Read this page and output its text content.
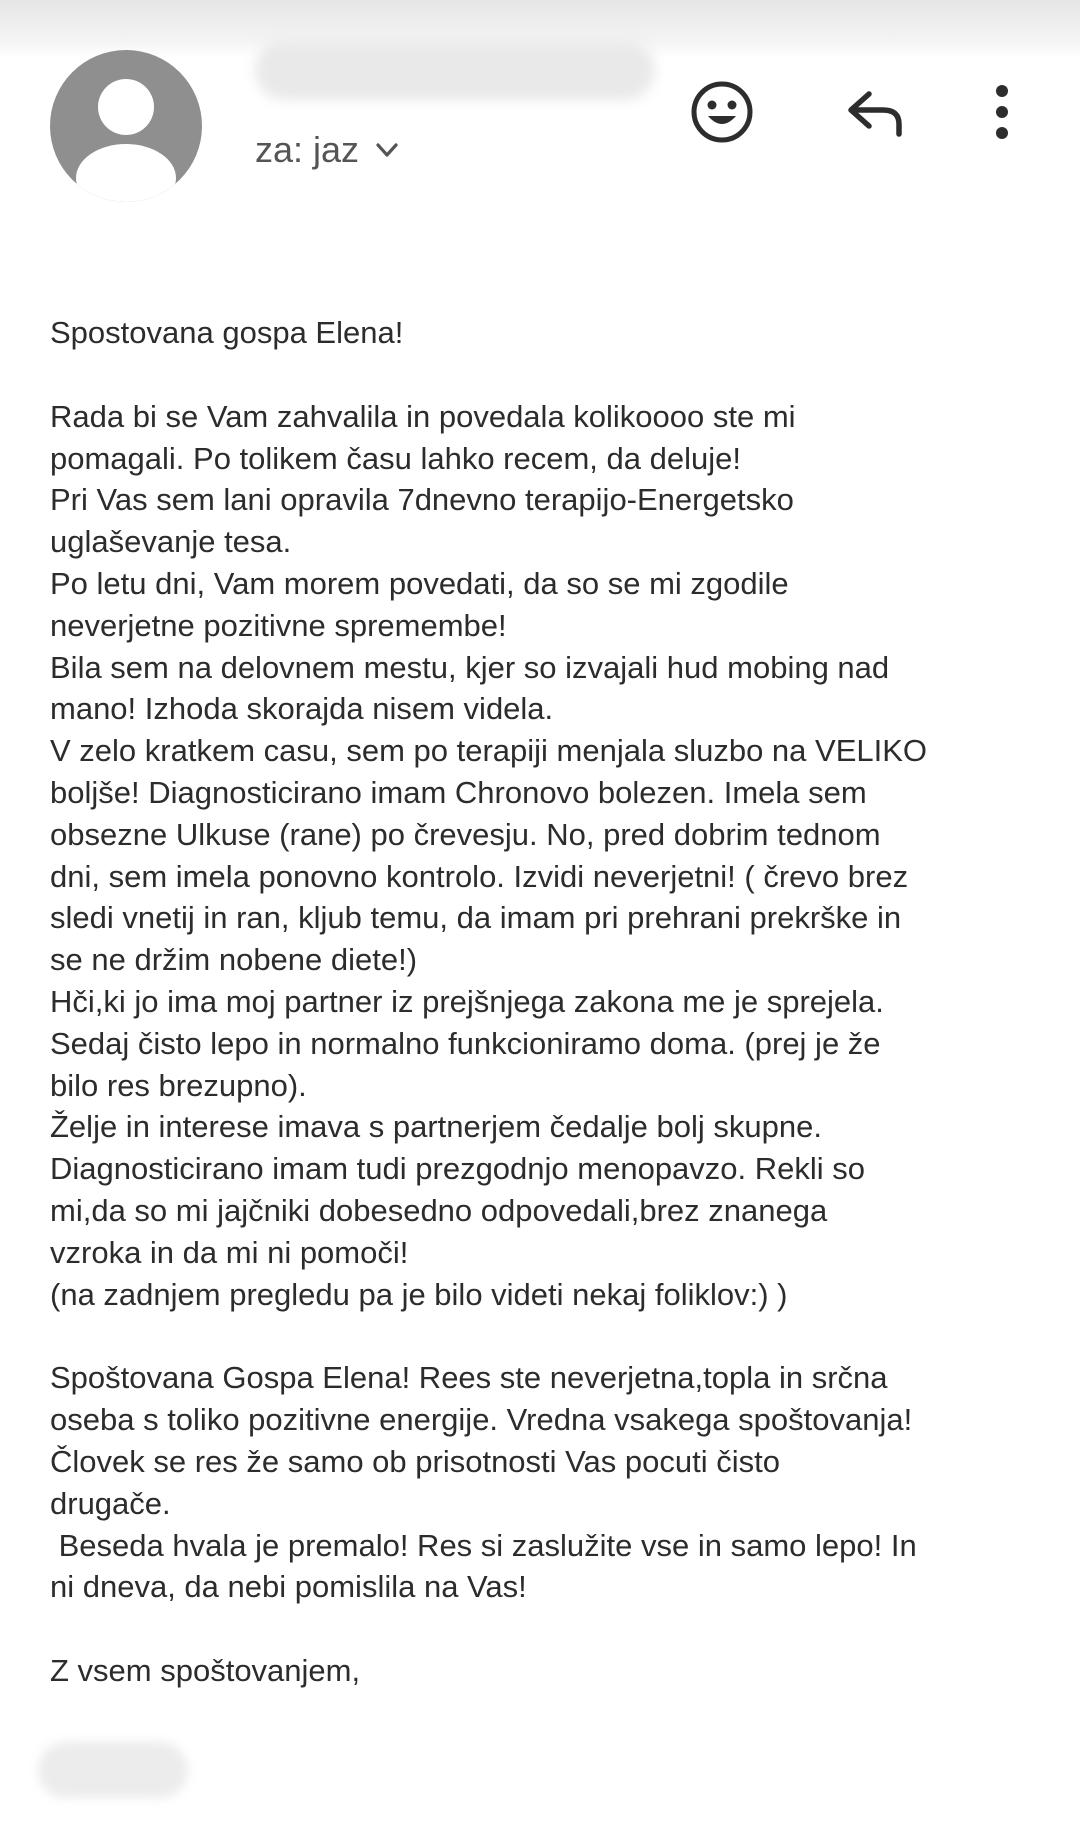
za: jaz

Spostovana gospa Elena!

Rada bi se Vam zahvalila in povedala kolikoooo ste mi

pomagali. Po tolikem času lahko recem, da deluje!

Pri Vas sem lani opravila 7dnevno terapijo-Energetsko

uglaševanje tesa.

Po letu dni, Vam morem povedati, da so se mi zgodile

neverjetne pozitivne spremembe!

Bila sem na delovnem mestu, kjer so izvajali hud mobing nad

mano! Izhoda skorajda nisem videla.

V zelo kratkem casu, sem po terapiji menjala sluzbo na VELIKO

boljše! Diagnosticirano imam Chronovo bolezen. Imela sem

obsezne Ulkuse (rane) po črevesju. No, pred dobrim tednom

dni, sem imela ponovno kontrolo. Izvidi neverjetni! ( črevo brez

sledi vnetij in ran, kljub temu, da imam pri prehrani prekrške in

se ne držim nobene diete!)

Hči,ki jo ima moj partner iz prejšnjega zakona me je sprejela.

Sedaj čisto lepo in normalno funkcioniramo doma. (prej je že

bilo res brezupno).

Želje in interese imava s partnerjem čedalje bolj skupne.

Diagnosticirano imam tudi prezgodnjo menopavzo. Rekli so

mi,da so mi jajčniki dobesedno odpovedali,brez znanega

vzroka in da mi ni pomoči!

(na zadnjem pregledu pa je bilo videti nekaj foliklov:) )

Spoštovana Gospa Elena! Rees ste neverjetna,topla in srčna

oseba s toliko pozitivne energije. Vredna vsakega spoštovanja!

Človek se res že samo ob prisotnosti Vas pocuti čisto

drugače.

Beseda hvala je premalo! Res si zaslužite vse in samo lepo! In

ni dneva, da nebi pomislila na Vas!

Z vsem spoštovanjem,
